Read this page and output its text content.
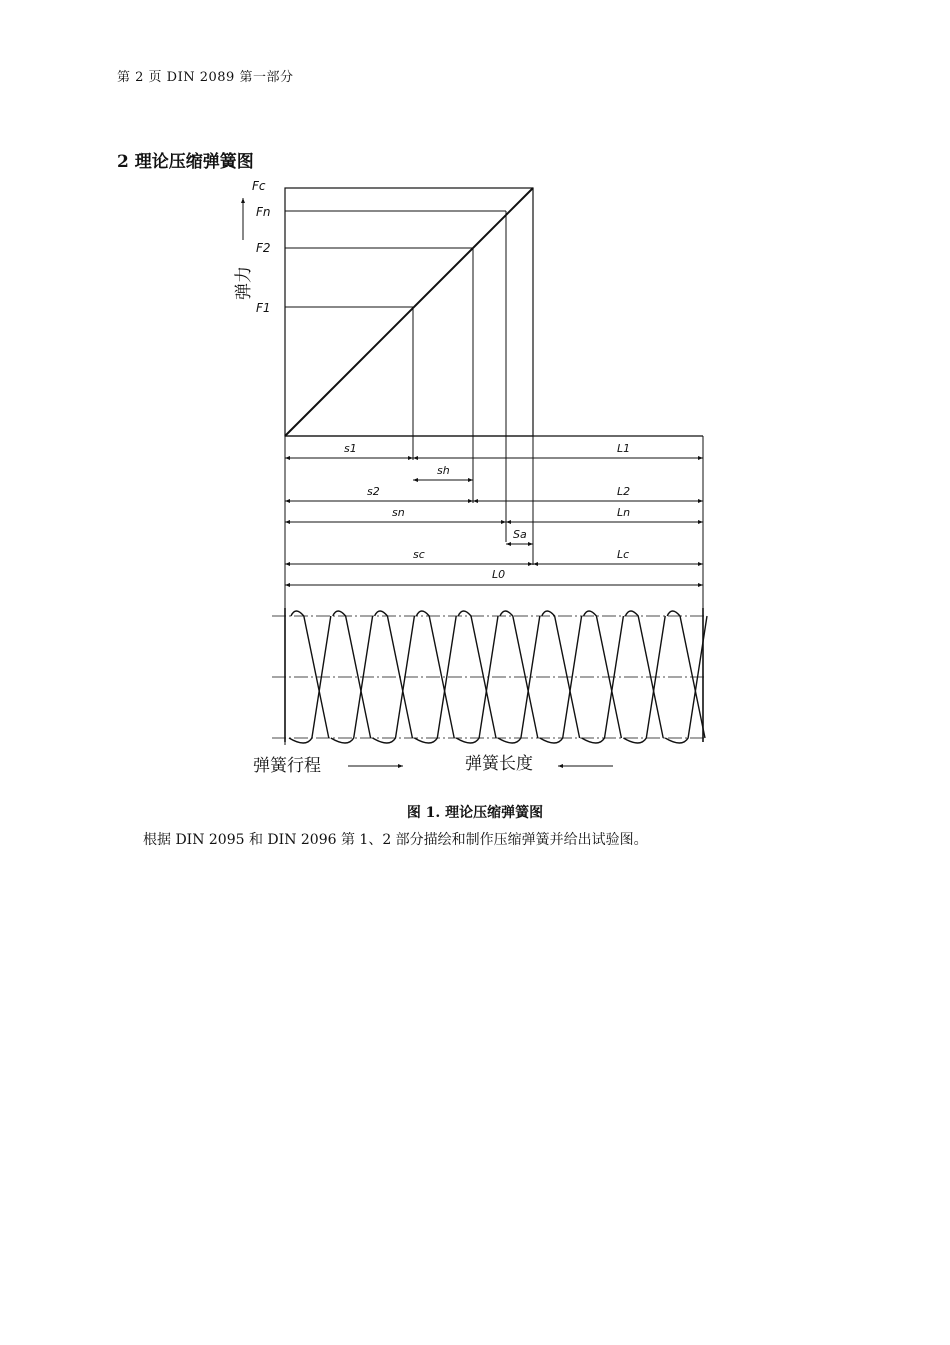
第 2 页 DIN 2089 第一部分
2 理论压缩弹簧图
Fc
Fn
F2
F1
弹力
s1	L1
sh
s2	L2
sn	Ln
Sa
sc	Lc
L0
弹簧行程	弹簧长度
图 1. 理论压缩弹簧图
根据 DIN 2095 和 DIN 2096 第 1、2 部分描绘和制作压缩弹簧并给出试验图。
